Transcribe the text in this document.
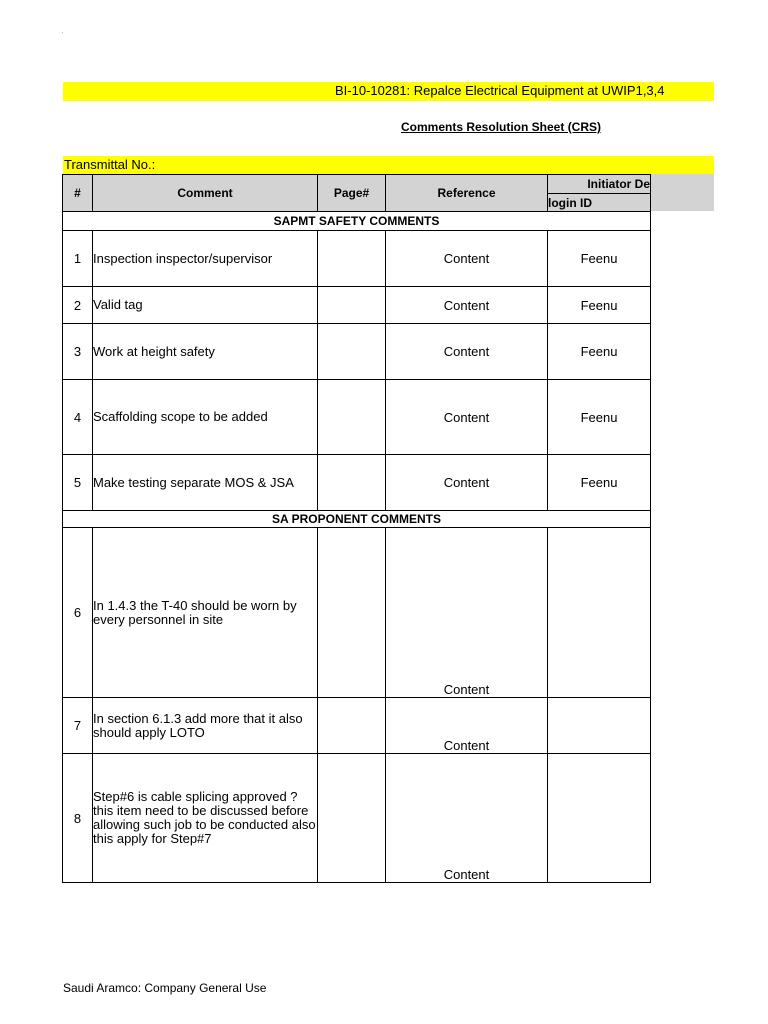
BI-10-10281: Repalce Electrical Equipment at UWIP1,3,4
Comments Resolution Sheet (CRS)
Transmittal No.:
#	Comment	Page#	Reference	Initiator De
				login ID
SAPMT SAFETY COMMENTS				
1	Inspection inspector/supervisor		Content	Feenu
2	Valid tag		Content	Feenu
3	Work at height safety		Content	Feenu
4	Scaffolding scope to be added		Content	Feenu
5	Make testing separate MOS & JSA		Content	Feenu
SA PROPONENT COMMENTS				
6	In 1.4.3 the T-40 should be worn by every personnel in site		Content	
7	In section 6.1.3 add more that it also should apply LOTO		Content	
8	Step#6 is cable splicing approved ? this item need to be discussed before allowing such job to be conducted also this apply for Step#7		Content	
Saudi Aramco: Company General Use
